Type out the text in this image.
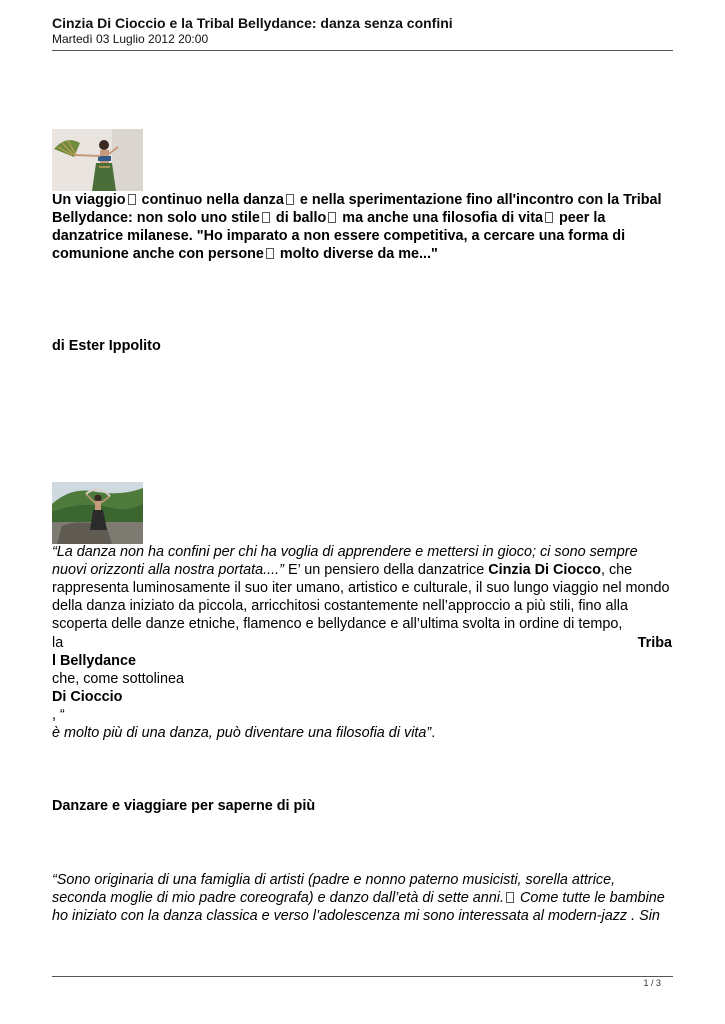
Cinzia Di Cioccio e la Tribal Bellydance: danza senza confini
Martedì 03 Luglio 2012 20:00
Un viaggio continuo nella danza e nella sperimentazione fino all'incontro con la Tribal Bellydance: non solo uno stile di ballo ma anche una filosofia di vita peer la danzatrice milanese. "Ho imparato a non essere competitiva, a cercare una forma di comunione anche con persone molto diverse da me..."
di Ester Ippolito
“La danza non ha confini per chi ha voglia di apprendere e mettersi in gioco; ci sono sempre nuovi orizzonti alla nostra portata....” E’ un pensiero della danzatrice Cinzia Di Ciocco, che rappresenta luminosamente il suo iter umano, artistico e culturale, il suo lungo viaggio nel mondo della danza iniziato da piccola, arricchitosi costantemente nell’approccio a più stili, fino alla scoperta delle danze etniche, flamenco e bellydance e all’ultima svolta in ordine di tempo,
la	Triba
l Bellydance
che, come sottolinea
Di Cioccio
, “
è molto più di una danza, può diventare una filosofia di vita”.
Danzare e viaggiare per saperne di più
“Sono originaria di una famiglia di artisti (padre e nonno paterno musicisti, sorella attrice, seconda moglie di mio padre coreografa) e danzo dall’età di sette anni. Come tutte le bambine ho iniziato con la danza classica e verso l’adolescenza mi sono interessata al modern-jazz . Sin
1 / 3
